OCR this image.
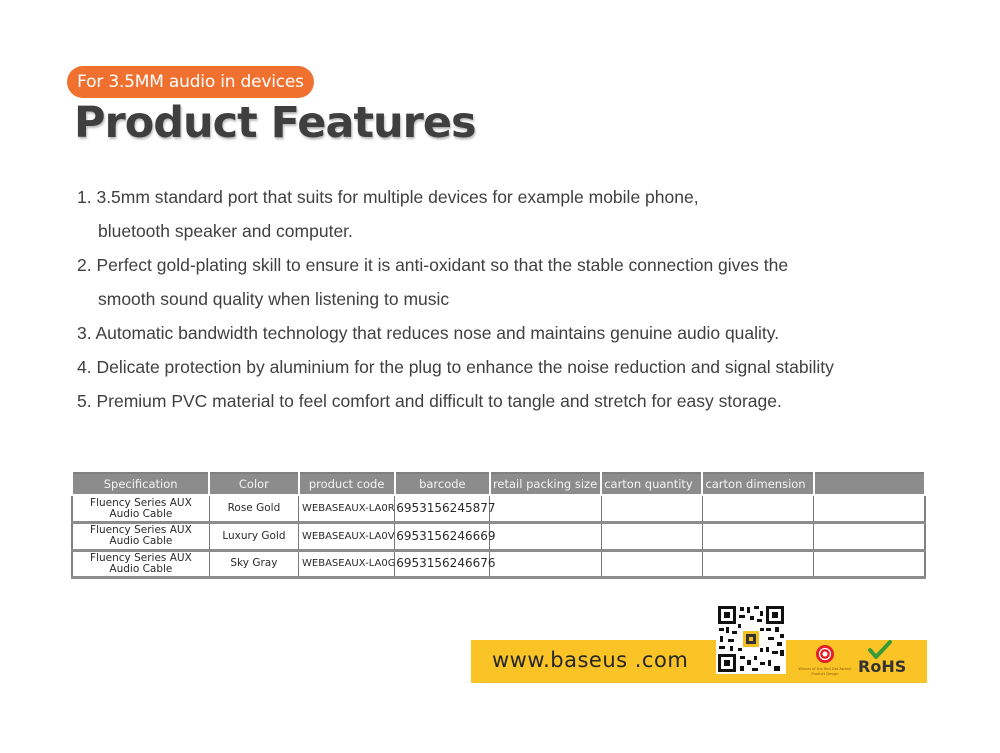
For 3.5MM audio in devices
Product Features
1. 3.5mm standard port that suits for multiple devices for example mobile phone,
bluetooth speaker and computer.
2. Perfect gold-plating skill to ensure it is anti-oxidant so that the stable connection gives the
smooth sound quality when listening to music
3. Automatic bandwidth technology that reduces nose and maintains genuine audio quality.
4. Delicate protection by aluminium for the plug to enhance the noise reduction and signal stability
5. Premium PVC material to feel comfort and difficult to tangle and stretch for easy storage.
Specification	Color	product code	barcode	retail packing size	carton quantity	carton dimension	
Fluency Series AUX
Audio Cable	Rose Gold	WEBASEAUX-LA0R	6953156245877				
Fluency Series AUX
Audio Cable	Luxury Gold	WEBASEAUX-LA0V	6953156246669				
Fluency Series AUX
Audio Cable	Sky Gray	WEBASEAUX-LA0G	6953156246676				
www.baseus .com	Winner of the Red Dot Award:
Product Design RoHS
